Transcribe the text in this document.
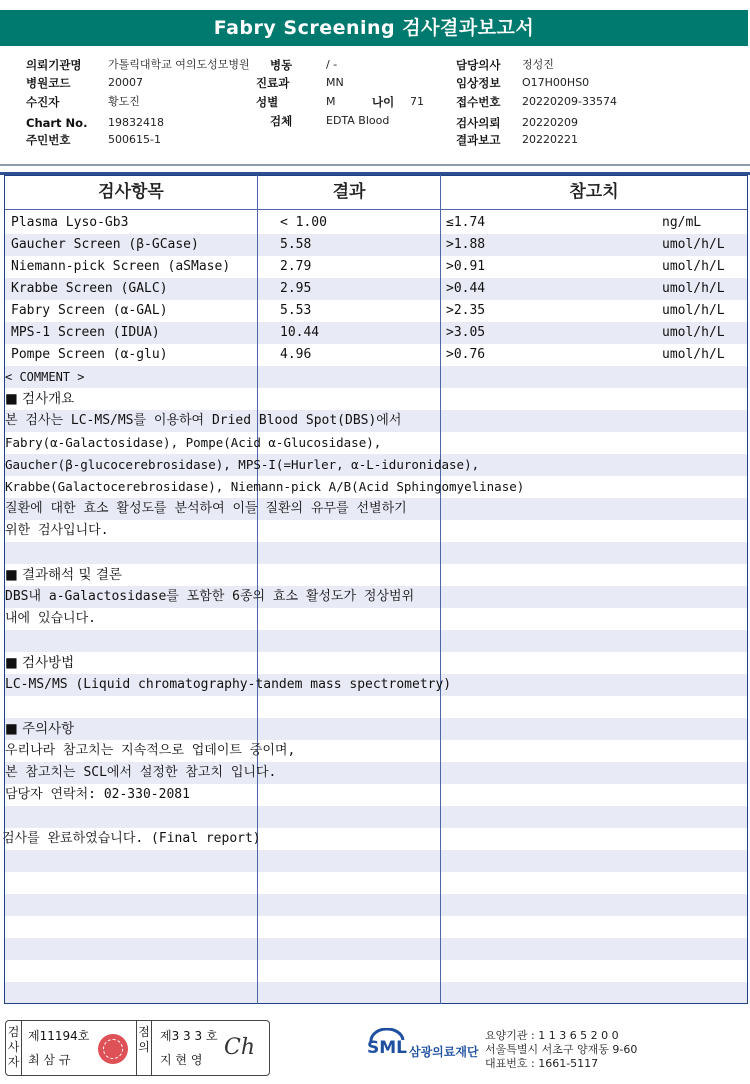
Fabry Screening 검사결과보고서
의뢰기관명 가톨릭대학교 여의도성모병원 병동	/ -	담당의사 정성진
병원코드	20007	진료과	MN	임상정보 O17H00HS0
수진자	황도진	성별	M	나이 71	접수번호 20220209-33574
Chart No. 19832418	검체	EDTA Blood	검사의뢰 20220209
주민번호	500615-1	결과보고 20220221
검사항목	결과	참고치
Plasma Lyso-Gb3	< 1.00	≤1.74	ng/mL
Gaucher Screen (β-GCase)	5.58	>1.88	umol/h/L
Niemann-pick Screen (aSMase)	2.79	>0.91	umol/h/L
Krabbe Screen (GALC)	2.95	>0.44	umol/h/L
Fabry Screen (α-GAL)	5.53	>2.35	umol/h/L
MPS-1 Screen (IDUA)	10.44	>3.05	umol/h/L
Pompe Screen (α-glu)	4.96	>0.76	umol/h/L
< COMMENT >
■ 검사개요
본 검사는 LC-MS/MS를 이용하여 Dried Blood Spot(DBS)에서
Fabry(α-Galactosidase), Pompe(Acid α-Glucosidase),
Gaucher(β-glucocerebrosidase), MPS-I(=Hurler, α-L-iduronidase),
Krabbe(Galactocerebrosidase), Niemann-pick A/B(Acid Sphingomyelinase)
질환에 대한 효소 활성도를 분석하여 이들 질환의 유무를 선별하기
위한 검사입니다.
■ 결과해석 및 결론
DBS내 a-Galactosidase를 포함한 6종의 효소 활성도가 정상범위
내에 있습니다.
■ 검사방법
LC-MS/MS (Liquid chromatography-tandem mass spectrometry)
■ 주의사항
우리나라 참고치는 지속적으로 업데이트 중이며,
본 참고치는 SCL에서 설정한 참고치 입니다.
담당자 연락처: 02-330-2081
검사를 완료하였습니다. (Final report)
검사자
제11194호
최 삼 규
점의
제3 3 3 호
지 현 영 Ch	SML 삼광의료재단
요양기관 : 1 1 3 6 5 2 0 0
서울특별시 서초구 양재동 9-60
대표번호 : 1661-5117
